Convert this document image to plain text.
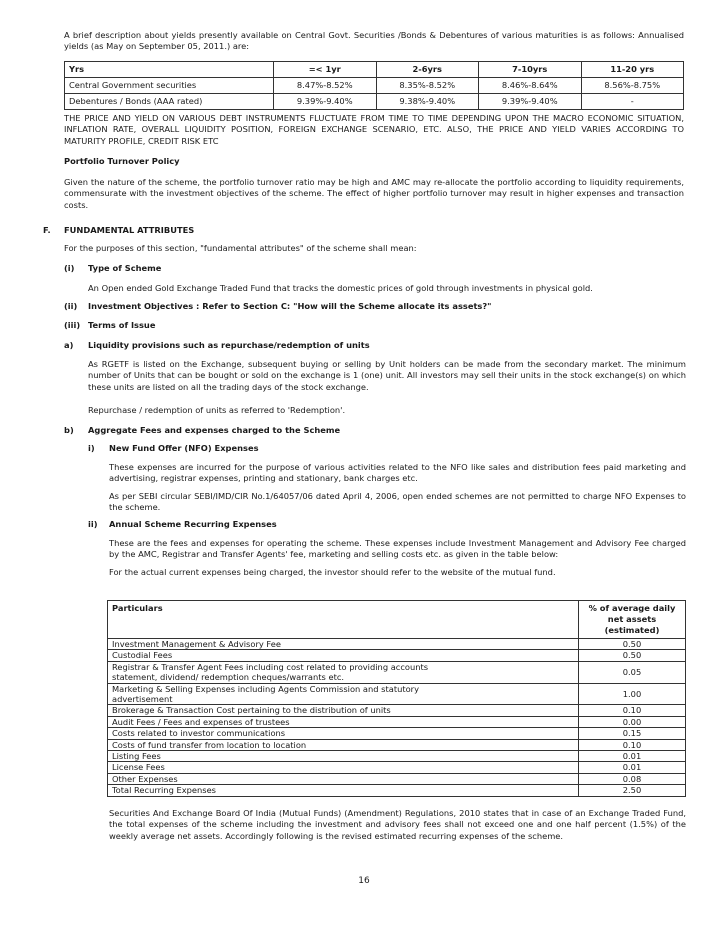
A brief description about yields presently available on Central Govt. Securities /Bonds & Debentures of various maturities is as follows: Annualised yields (as May on September 05, 2011.) are:

Yrs	=< 1yr	2-6yrs	7-10yrs	11-20 yrs
Central Government securities	8.47%-8.52%	8.35%-8.52%	8.46%-8.64%	8.56%-8.75%
Debentures / Bonds (AAA rated)	9.39%-9.40%	9.38%-9.40%	9.39%-9.40%	-

THE PRICE AND YIELD ON VARIOUS DEBT INSTRUMENTS FLUCTUATE FROM TIME TO TIME DEPENDING UPON THE MACRO ECONOMIC SITUATION, INFLATION RATE, OVERALL LIQUIDITY POSITION, FOREIGN EXCHANGE SCENARIO, ETC. ALSO, THE PRICE AND YIELD VARIES ACCORDING TO MATURITY PROFILE, CREDIT RISK ETC

Portfolio Turnover Policy

Given the nature of the scheme, the portfolio turnover ratio may be high and AMC may re-allocate the portfolio according to liquidity requirements, commensurate with the investment objectives of the scheme. The effect of higher portfolio turnover may result in higher expenses and transaction costs.

F. FUNDAMENTAL ATTRIBUTES

For the purposes of this section, "fundamental attributes" of the scheme shall mean:

(i) Type of Scheme

An Open ended Gold Exchange Traded Fund that tracks the domestic prices of gold through investments in physical gold.

(ii) Investment Objectives : Refer to Section C: "How will the Scheme allocate its assets?"

(iii) Terms of Issue

a) Liquidity provisions such as repurchase/redemption of units

As RGETF is listed on the Exchange, subsequent buying or selling by Unit holders can be made from the secondary market. The minimum number of Units that can be bought or sold on the exchange is 1 (one) unit. All investors may sell their units in the stock exchange(s) on which these units are listed on all the trading days of the stock exchange.

Repurchase / redemption of units as referred to 'Redemption'.

b) Aggregate Fees and expenses charged to the Scheme

i) New Fund Offer (NFO) Expenses

These expenses are incurred for the purpose of various activities related to the NFO like sales and distribution fees paid marketing and advertising, registrar expenses, printing and stationary, bank charges etc.

As per SEBI circular SEBI/IMD/CIR No.1/64057/06 dated April 4, 2006, open ended schemes are not permitted to charge NFO Expenses to the scheme.

ii) Annual Scheme Recurring Expenses

These are the fees and expenses for operating the scheme. These expenses include Investment Management and Advisory Fee charged by the AMC, Registrar and Transfer Agents' fee, marketing and selling costs etc. as given in the table below:

For the actual current expenses being charged, the investor should refer to the website of the mutual fund.

Particulars	% of average daily net assets (estimated)
Investment Management & Advisory Fee	0.50
Custodial Fees	0.50
Registrar & Transfer Agent Fees including cost related to providing accounts statement, dividend/ redemption cheques/warrants etc.	0.05
Marketing & Selling Expenses including Agents Commission and statutory advertisement	1.00
Brokerage & Transaction Cost pertaining to the distribution of units	0.10
Audit Fees / Fees and expenses of trustees	0.00
Costs related to investor communications	0.15
Costs of fund transfer from location to location	0.10
Listing Fees	0.01
License Fees	0.01
Other Expenses	0.08
Total Recurring Expenses	2.50

Securities And Exchange Board Of India (Mutual Funds) (Amendment) Regulations, 2010 states that in case of an Exchange Traded Fund, the total expenses of the scheme including the investment and advisory fees shall not exceed one and one half percent (1.5%) of the weekly average net assets. Accordingly following is the revised estimated recurring expenses of the scheme.

16
